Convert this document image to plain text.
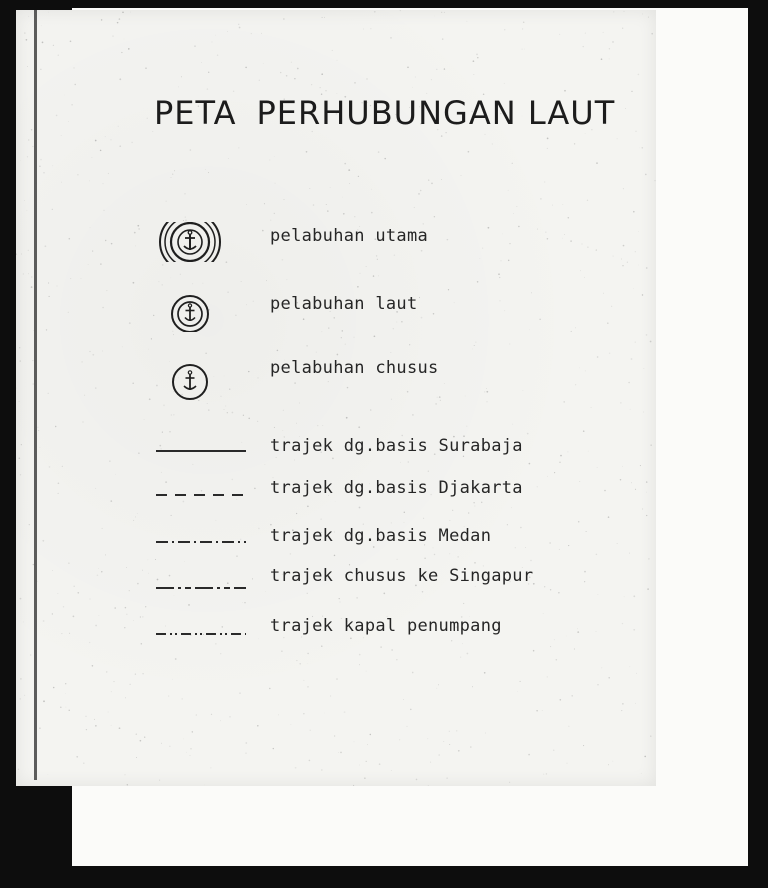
PETA PERHUBUNGAN LAUT
pelabuhan utama
pelabuhan laut
pelabuhan chusus
trajek dg.basis Surabaja
trajek dg.basis Djakarta
trajek dg.basis Medan
trajek chusus ke Singapur
trajek kapal penumpang
